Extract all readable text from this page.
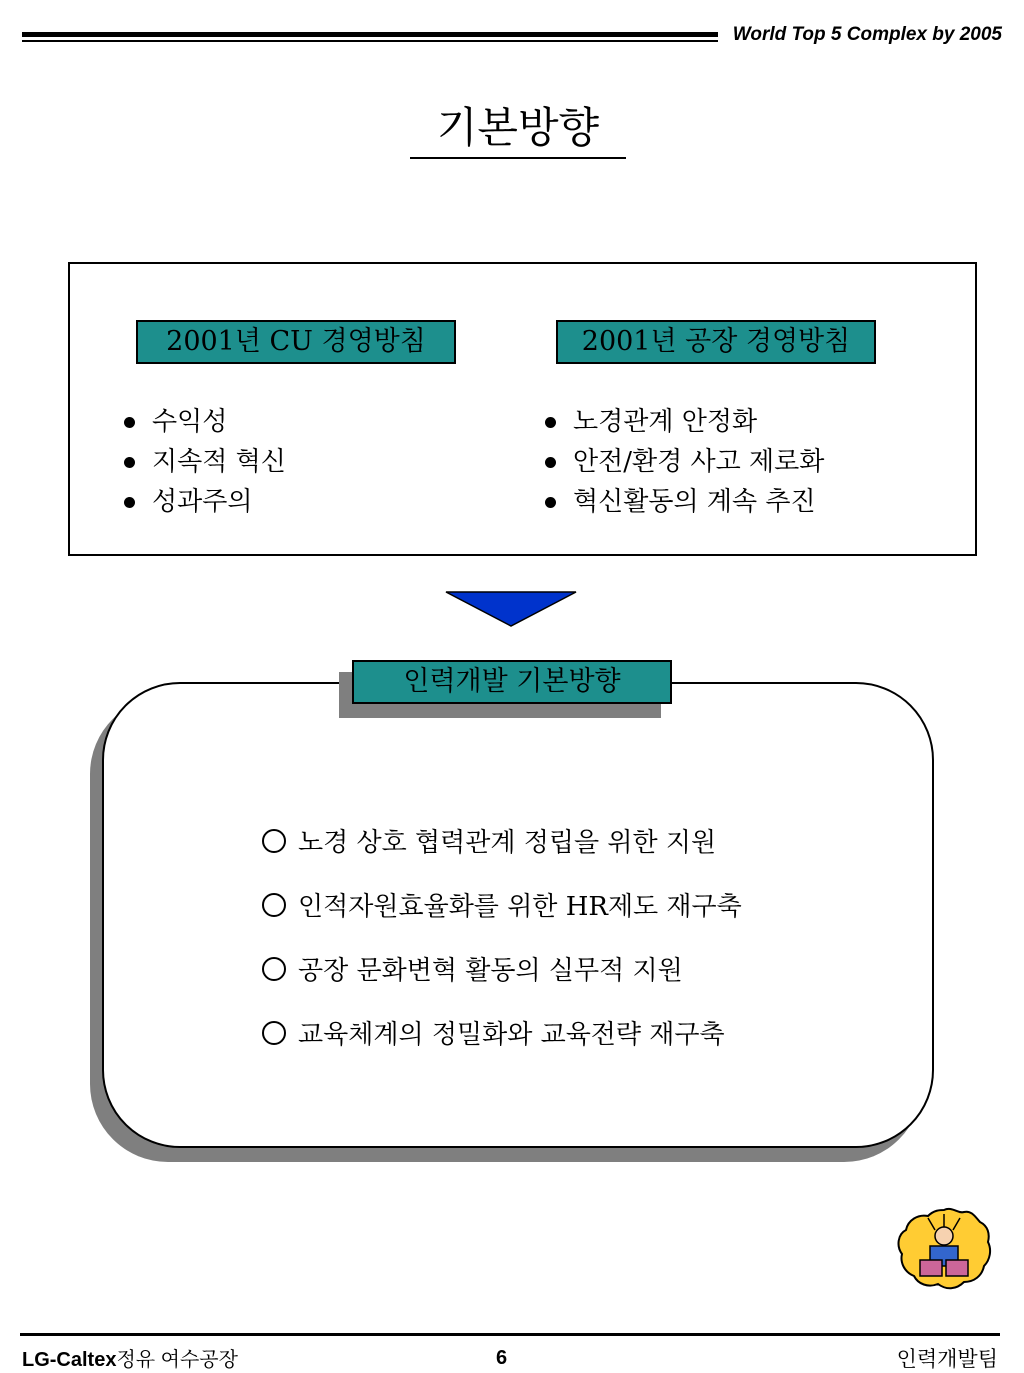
World Top 5 Complex by 2005
기본방향
2001년 CU 경영방침
수익성
지속적 혁신
성과주의
2001년 공장 경영방침
노경관계 안정화
안전/환경 사고 제로화
혁신활동의 계속 추진
인력개발 기본방향
노경 상호 협력관계 정립을 위한 지원
인적자원효율화를 위한 HR제도 재구축
공장 문화변혁 활동의 실무적 지원
교육체계의 정밀화와 교육전략 재구축
LG-Caltex정유 여수공장	6	인력개발팀
